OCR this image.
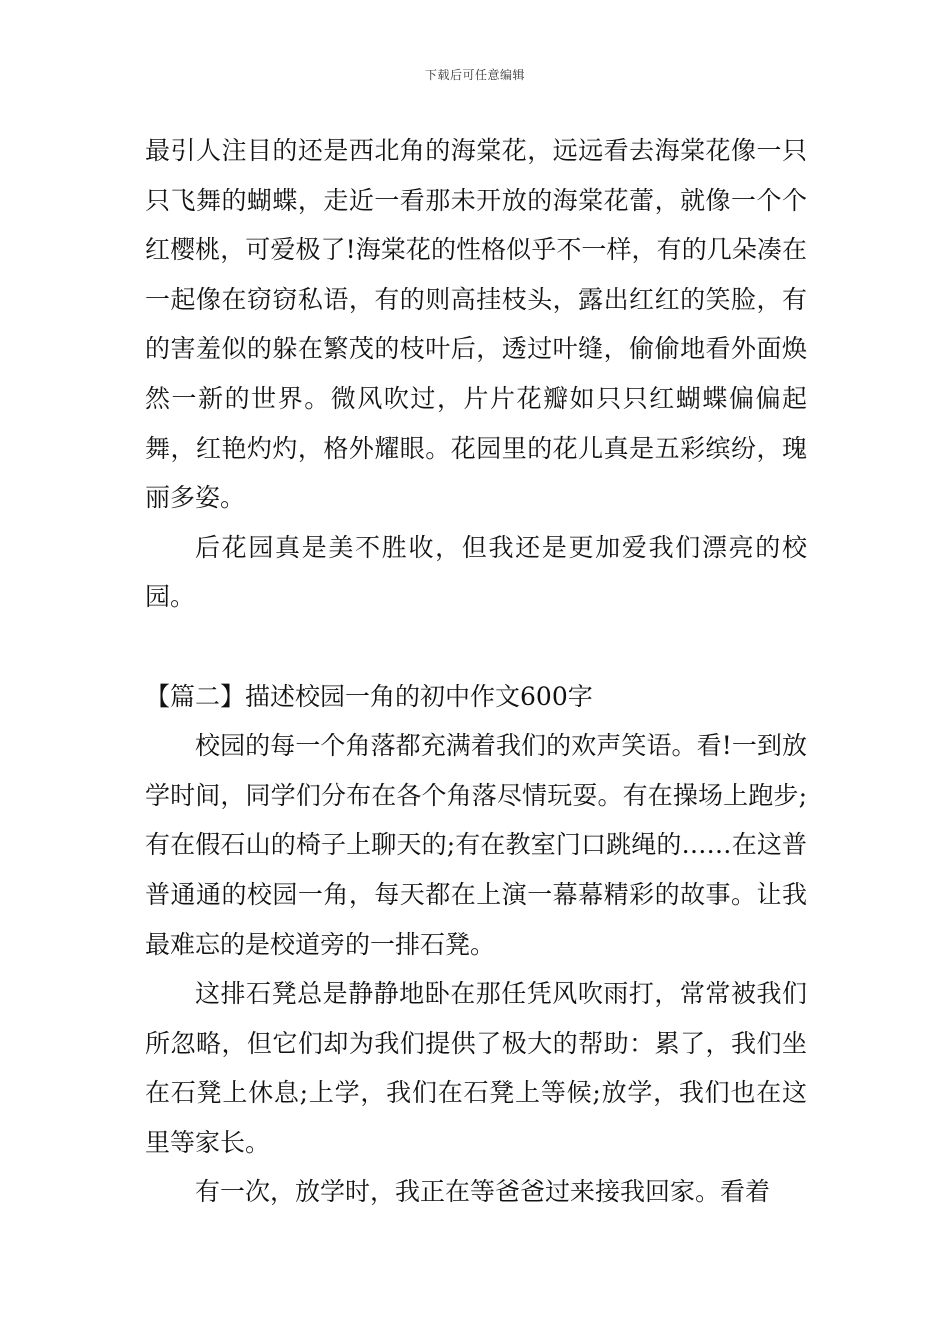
下载后可任意编辑

最引人注目的还是西北角的海棠花，远远看去海棠花像一只只飞舞的蝴蝶，走近一看那未开放的海棠花蕾，就像一个个红樱桃，可爱极了!海棠花的性格似乎不一样，有的几朵凑在一起像在窃窃私语，有的则高挂枝头，露出红红的笑脸，有的害羞似的躲在繁茂的枝叶后，透过叶缝，偷偷地看外面焕然一新的世界。微风吹过，片片花瓣如只只红蝴蝶偏偏起舞，红艳灼灼，格外耀眼。花园里的花儿真是五彩缤纷，瑰丽多姿。

后花园真是美不胜收，但我还是更加爱我们漂亮的校园。

【篇二】描述校园一角的初中作文600字

校园的每一个角落都充满着我们的欢声笑语。看!一到放学时间，同学们分布在各个角落尽情玩耍。有在操场上跑步;有在假石山的椅子上聊天的;有在教室门口跳绳的……在这普普通通的校园一角，每天都在上演一幕幕精彩的故事。让我最难忘的是校道旁的一排石凳。

这排石凳总是静静地卧在那任凭风吹雨打，常常被我们所忽略，但它们却为我们提供了极大的帮助：累了，我们坐在石凳上休息;上学，我们在石凳上等候;放学，我们也在这里等家长。

有一次，放学时，我正在等爸爸过来接我回家。看着
